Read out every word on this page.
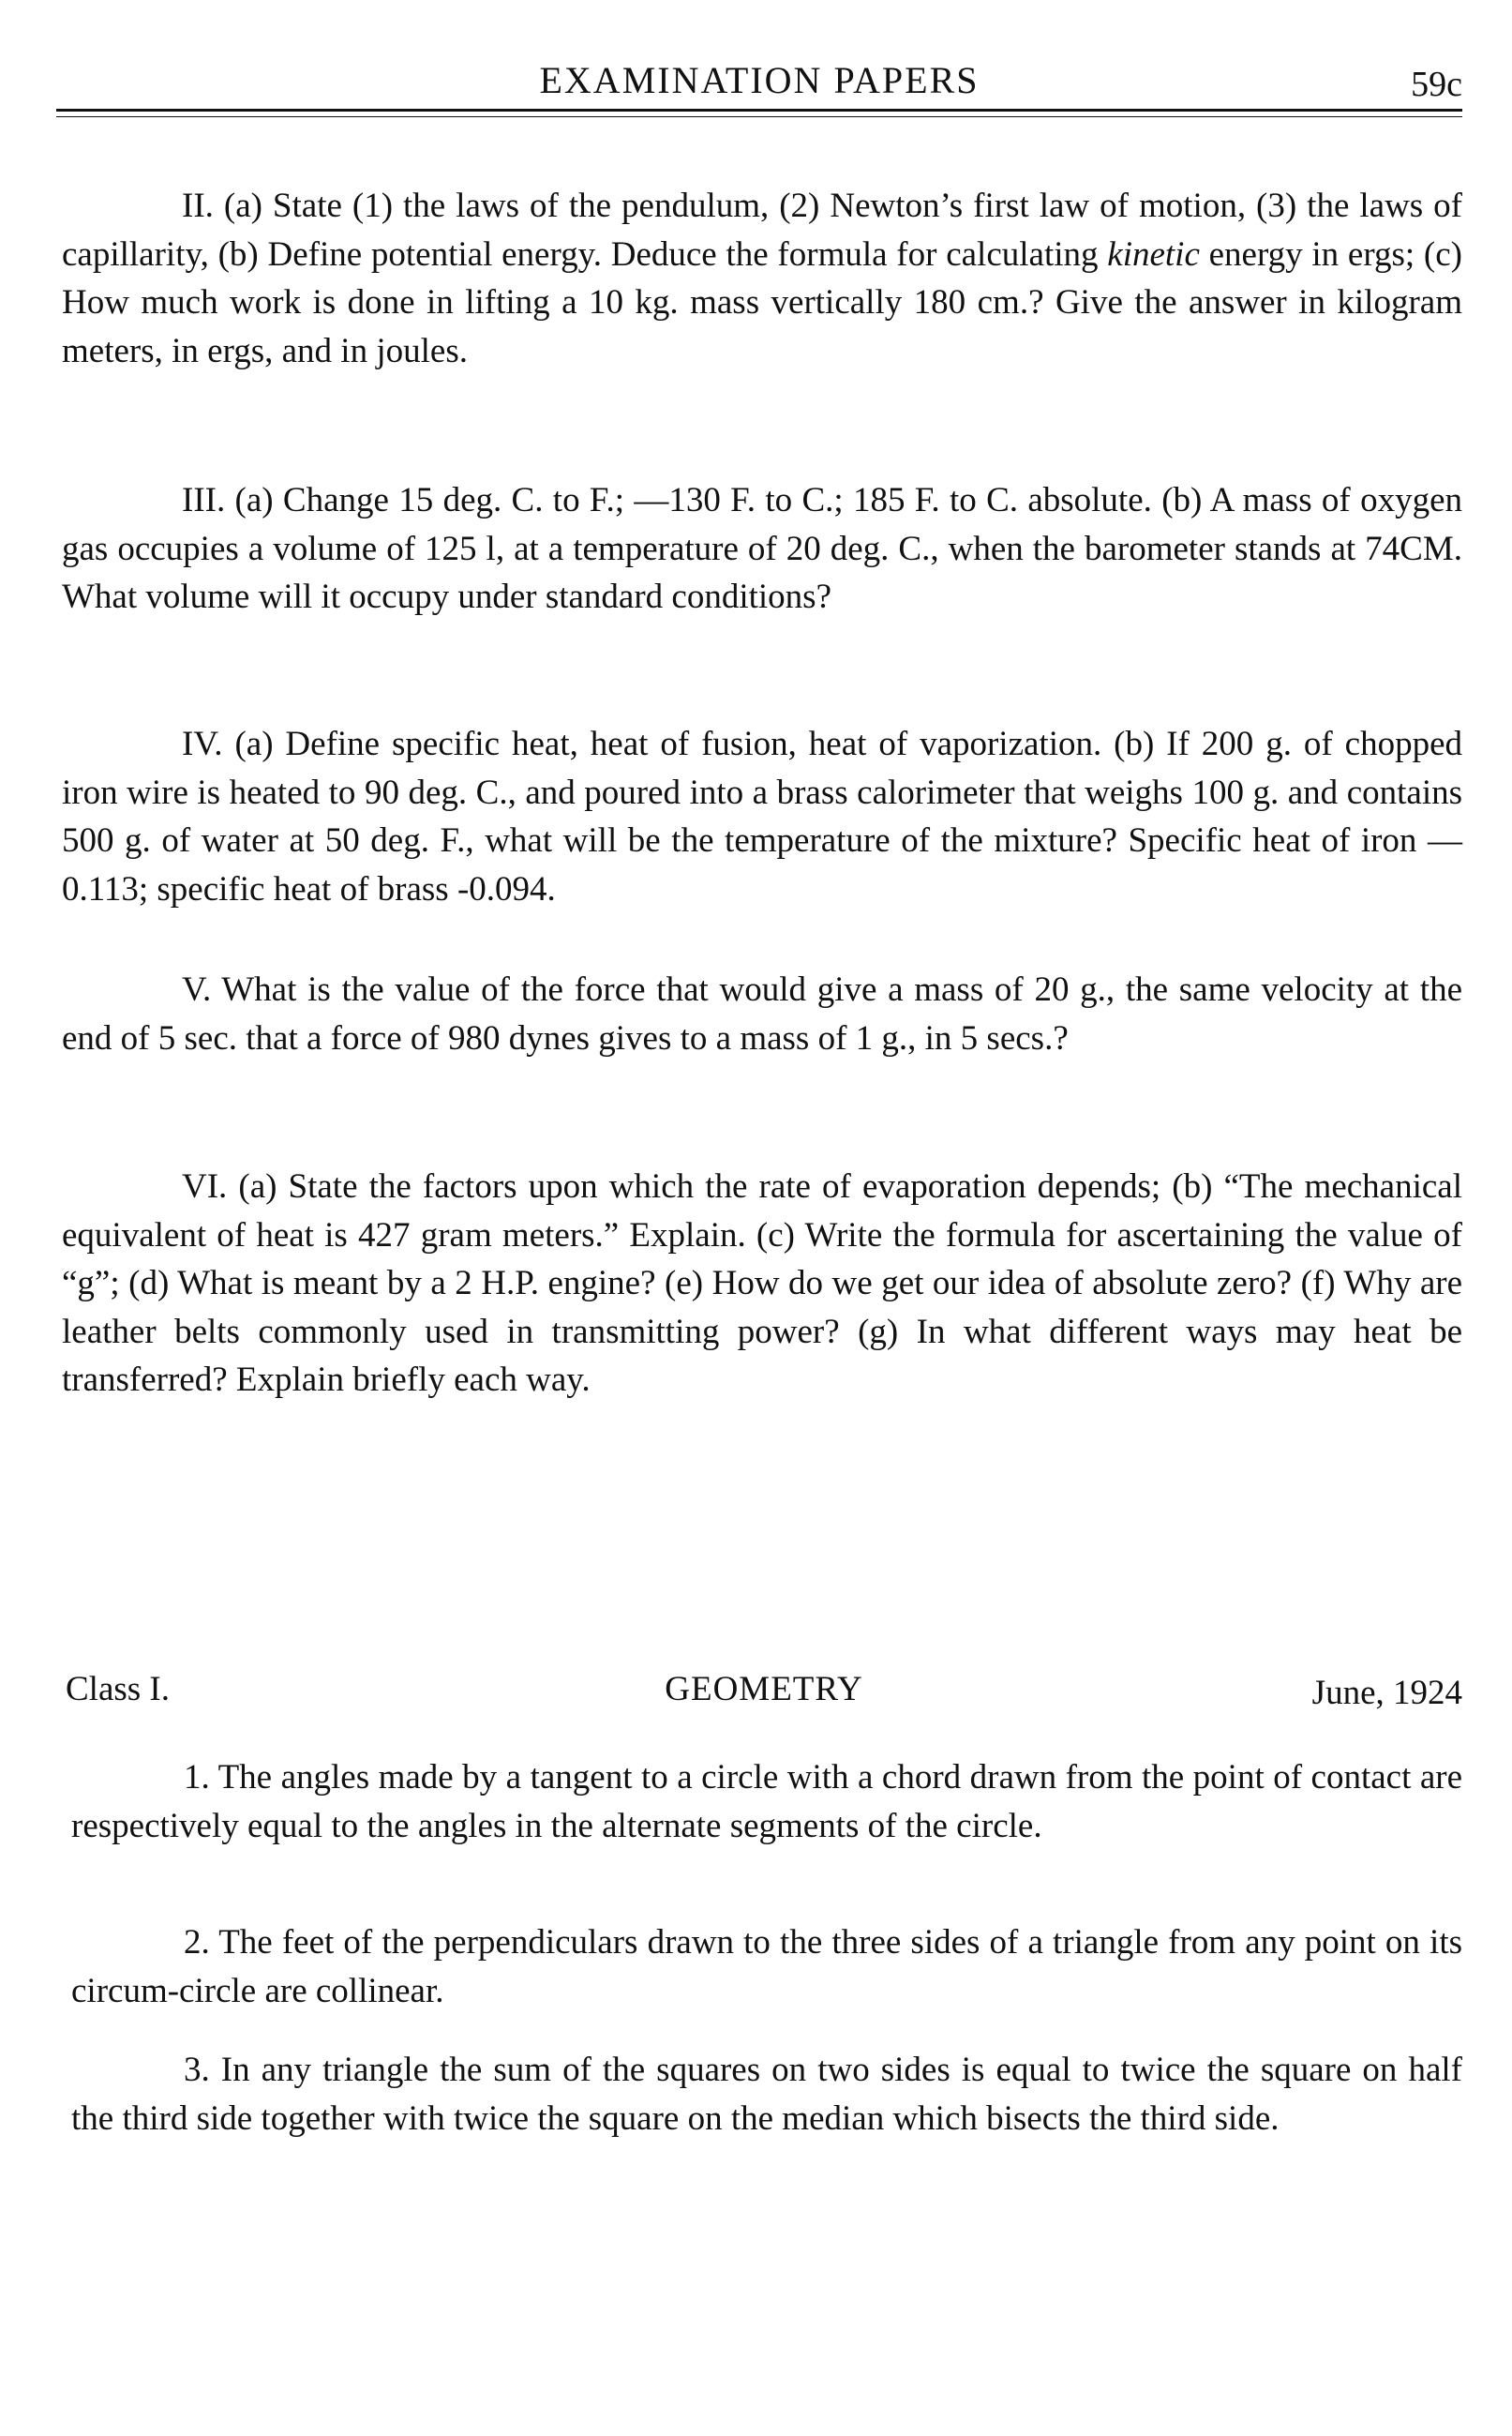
EXAMINATION PAPERS	59c

II. (a) State (1) the laws of the pendulum, (2) Newton’s first law of motion, (3) the laws of capillarity, (b) Define potential energy. Deduce the formula for calculating kinetic energy in ergs; (c) How much work is done in lifting a 10 kg. mass vertically 180 cm.? Give the answer in kilogram meters, in ergs, and in joules.

III. (a) Change 15 deg. C. to F.; —130 F. to C.; 185 F. to C. absolute. (b) A mass of oxygen gas occupies a volume of 125 l, at a temperature of 20 deg. C., when the barometer stands at 74CM. What volume will it occupy under standard conditions?

IV. (a) Define specific heat, heat of fusion, heat of vaporization. (b) If 200 g. of chopped iron wire is heated to 90 deg. C., and poured into a brass calorimeter that weighs 100 g. and contains 500 g. of water at 50 deg. F., what will be the temperature of the mixture? Specific heat of iron —0.113; specific heat of brass -0.094.

V. What is the value of the force that would give a mass of 20 g., the same velocity at the end of 5 sec. that a force of 980 dynes gives to a mass of 1 g., in 5 secs.?

VI. (a) State the factors upon which the rate of evaporation depends; (b) “The mechanical equivalent of heat is 427 gram meters.” Explain. (c) Write the formula for ascertaining the value of “g”; (d) What is meant by a 2 H.P. engine? (e) How do we get our idea of absolute zero? (f) Why are leather belts commonly used in transmitting power? (g) In what different ways may heat be transferred? Explain briefly each way.

Class I.	GEOMETRY	June, 1924

1. The angles made by a tangent to a circle with a chord drawn from the point of contact are respectively equal to the angles in the alternate segments of the circle.

2. The feet of the perpendiculars drawn to the three sides of a triangle from any point on its circum-circle are collinear.

3. In any triangle the sum of the squares on two sides is equal to twice the square on half the third side together with twice the square on the median which bisects the third side.
